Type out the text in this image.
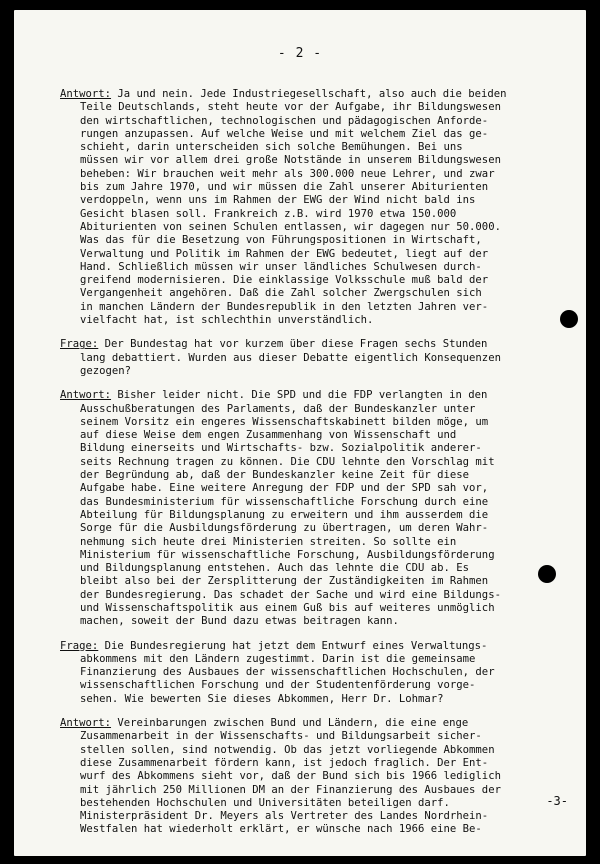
- 2 -
Antwort: Ja und nein. Jede Industriegesellschaft, also auch die beiden
Teile Deutschlands, steht heute vor der Aufgabe, ihr Bildungswesen
den wirtschaftlichen, technologischen und pädagogischen Anforde-
rungen anzupassen. Auf welche Weise und mit welchem Ziel das ge-
schieht, darin unterscheiden sich solche Bemühungen. Bei uns
müssen wir vor allem drei große Notstände in unserem Bildungswesen
beheben: Wir brauchen weit mehr als 300.000 neue Lehrer, und zwar
bis zum Jahre 1970, und wir müssen die Zahl unserer Abiturienten
verdoppeln, wenn uns im Rahmen der EWG der Wind nicht bald ins
Gesicht blasen soll. Frankreich z.B. wird 1970 etwa 150.000
Abiturienten von seinen Schulen entlassen, wir dagegen nur 50.000.
Was das für die Besetzung von Führungspositionen in Wirtschaft,
Verwaltung und Politik im Rahmen der EWG bedeutet, liegt auf der
Hand. Schließlich müssen wir unser ländliches Schulwesen durch-
greifend modernisieren. Die einklassige Volksschule muß bald der
Vergangenheit angehören. Daß die Zahl solcher Zwergschulen sich
in manchen Ländern der Bundesrepublik in den letzten Jahren ver-
vielfacht hat, ist schlechthin unverständlich.
Frage: Der Bundestag hat vor kurzem über diese Fragen sechs Stunden
lang debattiert. Wurden aus dieser Debatte eigentlich Konsequenzen
gezogen?
Antwort: Bisher leider nicht. Die SPD und die FDP verlangten in den
Ausschußberatungen des Parlaments, daß der Bundeskanzler unter
seinem Vorsitz ein engeres Wissenschaftskabinett bilden möge, um
auf diese Weise dem engen Zusammenhang von Wissenschaft und
Bildung einerseits und Wirtschafts- bzw. Sozialpolitik anderer-
seits Rechnung tragen zu können. Die CDU lehnte den Vorschlag mit
der Begründung ab, daß der Bundeskanzler keine Zeit für diese
Aufgabe habe. Eine weitere Anregung der FDP und der SPD sah vor,
das Bundesministerium für wissenschaftliche Forschung durch eine
Abteilung für Bildungsplanung zu erweitern und ihm ausserdem die
Sorge für die Ausbildungsförderung zu übertragen, um deren Wahr-
nehmung sich heute drei Ministerien streiten. So sollte ein
Ministerium für wissenschaftliche Forschung, Ausbildungsförderung
und Bildungsplanung entstehen. Auch das lehnte die CDU ab. Es
bleibt also bei der Zersplitterung der Zuständigkeiten im Rahmen
der Bundesregierung. Das schadet der Sache und wird eine Bildungs-
und Wissenschaftspolitik aus einem Guß bis auf weiteres unmöglich
machen, soweit der Bund dazu etwas beitragen kann.
Frage: Die Bundesregierung hat jetzt dem Entwurf eines Verwaltungs-
abkommens mit den Ländern zugestimmt. Darin ist die gemeinsame
Finanzierung des Ausbaues der wissenschaftlichen Hochschulen, der
wissenschaftlichen Forschung und der Studentenförderung vorge-
sehen. Wie bewerten Sie dieses Abkommen, Herr Dr. Lohmar?
Antwort: Vereinbarungen zwischen Bund und Ländern, die eine enge
Zusammenarbeit in der Wissenschafts- und Bildungsarbeit sicher-
stellen sollen, sind notwendig. Ob das jetzt vorliegende Abkommen
diese Zusammenarbeit fördern kann, ist jedoch fraglich. Der Ent-
wurf des Abkommens sieht vor, daß der Bund sich bis 1966 lediglich
mit jährlich 250 Millionen DM an der Finanzierung des Ausbaues der
bestehenden Hochschulen und Universitäten beteiligen darf.
Ministerpräsident Dr. Meyers als Vertreter des Landes Nordrhein-
Westfalen hat wiederholt erklärt, er wünsche nach 1966 eine Be-
-3-
